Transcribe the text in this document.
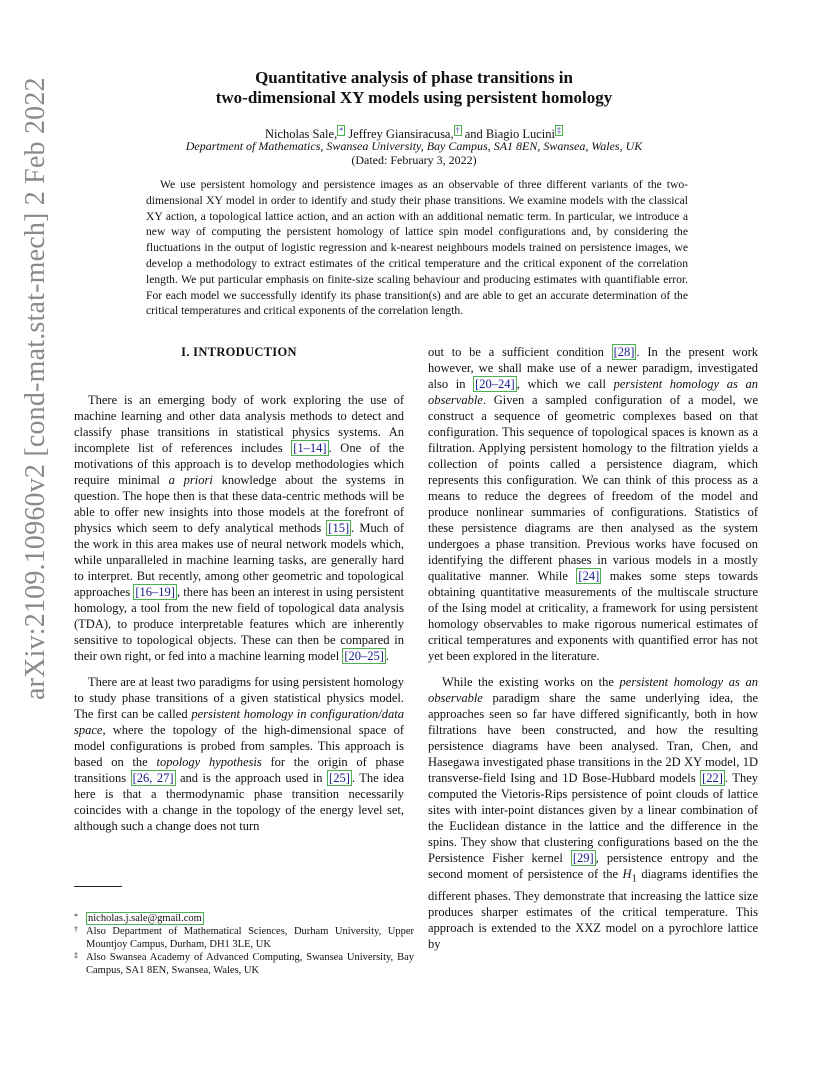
arXiv:2109.10960v2 [cond-mat.stat-mech] 2 Feb 2022	Quantitative analysis of phase transitions in
two-dimensional XY models using persistent homology
Nicholas Sale, * Jeffrey Giansiracusa, † and Biagio Lucini ‡
Department of Mathematics, Swansea University, Bay Campus, SA1 8EN, Swansea, Wales, UK
(Dated: February 3, 2022)

We use persistent homology and persistence images as an observable of three different variants of the two-dimensional XY model in order to identify and study their phase transitions. We examine models with the classical XY action, a topological lattice action, and an action with an additional nematic term. In particular, we introduce a new way of computing the persistent homology of lattice spin model configurations and, by considering the fluctuations in the output of logistic regression and k-nearest neighbours models trained on persistence images, we develop a methodology to extract estimates of the critical temperature and the critical exponent of the correlation length. We put particular emphasis on finite-size scaling behaviour and producing estimates with quantifiable error. For each model we successfully identify its phase transition(s) and are able to get an accurate determination of the critical temperatures and critical exponents of the correlation length.

I. INTRODUCTION

There is an emerging body of work exploring the use of machine learning and other data analysis methods to detect and classify phase transitions in statistical physics systems. An incomplete list of references includes [1–14] . One of the motivations of this approach is to develop methodologies which require minimal a priori knowledge about the systems in question. The hope then is that these data-centric methods will be able to offer new insights into those models at the forefront of physics which seem to defy analytical methods [15] . Much of the work in this area makes use of neural network models which, while unparalleled in machine learning tasks, are generally hard to interpret. But recently, among other geometric and topological approaches [16–19] , there has been an interest in using persistent homology, a tool from the new field of topological data analysis (TDA), to produce interpretable features which are inherently sensitive to topological objects. These can then be compared in their own right, or fed into a machine learning model [20–25] .

There are at least two paradigms for using persistent homology to study phase transitions of a given statistical physics model. The first can be called persistent homology in configuration/data space, where the topology of the high-dimensional space of model configurations is probed from samples. This approach is based on the topology hypothesis for the origin of phase transitions [26, 27] and is the approach used in [25] . The idea here is that a thermodynamic phase transition necessarily coincides with a change in the topology of the energy level set, although such a change does not turn

out to be a sufficient condition [28] . In the present work however, we shall make use of a newer paradigm, investigated also in [20–24] , which we call persistent homology as an observable. Given a sampled configuration of a model, we construct a sequence of geometric complexes based on that configuration. This sequence of topological spaces is known as a filtration. Applying persistent homology to the filtration yields a collection of points called a persistence diagram, which represents this configuration. We can think of this process as a means to reduce the degrees of freedom of the model and produce nonlinear summaries of configurations. Statistics of these persistence diagrams are then analysed as the system undergoes a phase transition. Previous works have focused on identifying the different phases in various models in a mostly qualitative manner. While [24] makes some steps towards obtaining quantitative measurements of the multiscale structure of the Ising model at criticality, a framework for using persistent homology observables to make rigorous numerical estimates of critical temperatures and exponents with quantified error has not yet been explored in the literature.

While the existing works on the persistent homology as an observable paradigm share the same underlying idea, the approaches seen so far have differed significantly, both in how filtrations have been constructed, and how the resulting persistence diagrams have been analysed. Tran, Chen, and Hasegawa investigated phase transitions in the 2D XY model, 1D transverse-field Ising and 1D Bose-Hubbard models [22] . They computed the Vietoris-Rips persistence of point clouds of lattice sites with inter-point distances given by a linear combination of the Euclidean distance in the lattice and the difference in the spins. They show that clustering configurations based on the the Persistence Fisher kernel [29] , persistence entropy and the second moment of persistence of the $H_1$ diagrams identifies the different phases. They demonstrate that increasing the lattice size produces sharper estimates of the critical temperature. This approach is extended to the XXZ model on a pyrochlore lattice by

* nicholas.j.sale@gmail.com
† Also Department of Mathematical Sciences, Durham University, Upper Mountjoy Campus, Durham, DH1 3LE, UK
‡ Also Swansea Academy of Advanced Computing, Swansea University, Bay Campus, SA1 8EN, Swansea, Wales, UK
